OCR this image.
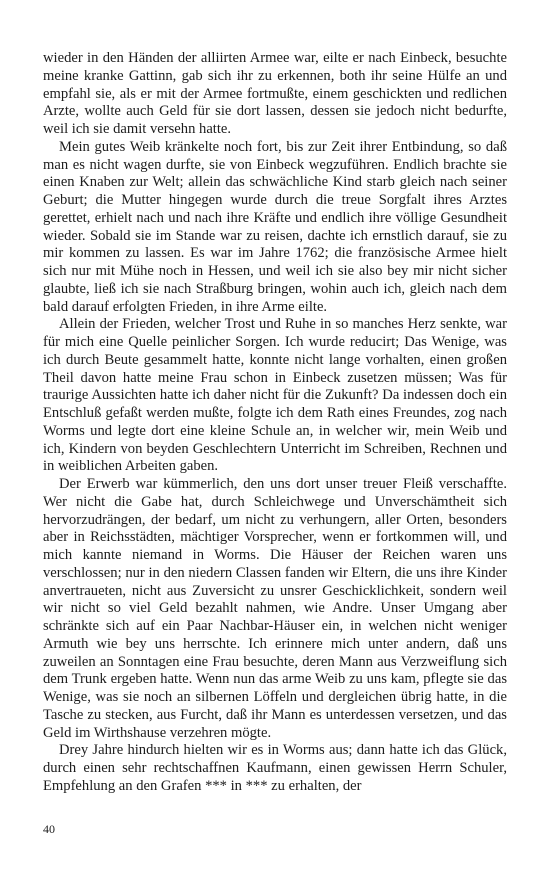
wieder in den Händen der alliirten Armee war, eilte er nach Einbeck, besuchte meine kranke Gattinn, gab sich ihr zu erkennen, both ihr seine Hülfe an und empfahl sie, als er mit der Armee fortmußte, einem geschickten und redlichen Arzte, wollte auch Geld für sie dort lassen, dessen sie jedoch nicht bedurfte, weil ich sie damit versehn hatte.

Mein gutes Weib kränkelte noch fort, bis zur Zeit ihrer Entbindung, so daß man es nicht wagen durfte, sie von Einbeck wegzuführen. Endlich brachte sie einen Knaben zur Welt; allein das schwächliche Kind starb gleich nach seiner Geburt; die Mutter hingegen wurde durch die treue Sorgfalt ihres Arztes gerettet, erhielt nach und nach ihre Kräfte und endlich ihre völlige Gesundheit wieder. Sobald sie im Stande war zu reisen, dachte ich ernstlich darauf, sie zu mir kommen zu lassen. Es war im Jahre 1762; die französische Armee hielt sich nur mit Mühe noch in Hessen, und weil ich sie also bey mir nicht sicher glaubte, ließ ich sie nach Straßburg bringen, wohin auch ich, gleich nach dem bald darauf erfolgten Frieden, in ihre Arme eilte.

Allein der Frieden, welcher Trost und Ruhe in so manches Herz senkte, war für mich eine Quelle peinlicher Sorgen. Ich wurde reducirt; Das Wenige, was ich durch Beute gesammelt hatte, konnte nicht lange vorhalten, einen großen Theil davon hatte meine Frau schon in Einbeck zusetzen müssen; Was für traurige Aussichten hatte ich daher nicht für die Zukunft? Da indessen doch ein Entschluß gefaßt werden mußte, folgte ich dem Rath eines Freundes, zog nach Worms und legte dort eine kleine Schule an, in welcher wir, mein Weib und ich, Kindern von beyden Geschlechtern Unterricht im Schreiben, Rechnen und in weiblichen Arbeiten gaben.

Der Erwerb war kümmerlich, den uns dort unser treuer Fleiß verschaffte. Wer nicht die Gabe hat, durch Schleichwege und Unverschämtheit sich hervorzudrängen, der bedarf, um nicht zu verhungern, aller Orten, besonders aber in Reichsstädten, mächtiger Vorsprecher, wenn er fortkommen will, und mich kannte niemand in Worms. Die Häuser der Reichen waren uns verschlossen; nur in den niedern Classen fanden wir Eltern, die uns ihre Kinder anvertraueten, nicht aus Zuversicht zu unsrer Geschicklichkeit, sondern weil wir nicht so viel Geld bezahlt nahmen, wie Andre. Unser Umgang aber schränkte sich auf ein Paar Nachbar-Häuser ein, in welchen nicht weniger Armuth wie bey uns herrschte. Ich erinnere mich unter andern, daß uns zuweilen an Sonntagen eine Frau besuchte, deren Mann aus Verzweiflung sich dem Trunk ergeben hatte. Wenn nun das arme Weib zu uns kam, pflegte sie das Wenige, was sie noch an silbernen Löffeln und dergleichen übrig hatte, in die Tasche zu stecken, aus Furcht, daß ihr Mann es unterdessen versetzen, und das Geld im Wirthshause verzehren mögte.

Drey Jahre hindurch hielten wir es in Worms aus; dann hatte ich das Glück, durch einen sehr rechtschaffnen Kaufmann, einen gewissen Herrn Schuler, Empfehlung an den Grafen *** in *** zu erhalten, der

40
